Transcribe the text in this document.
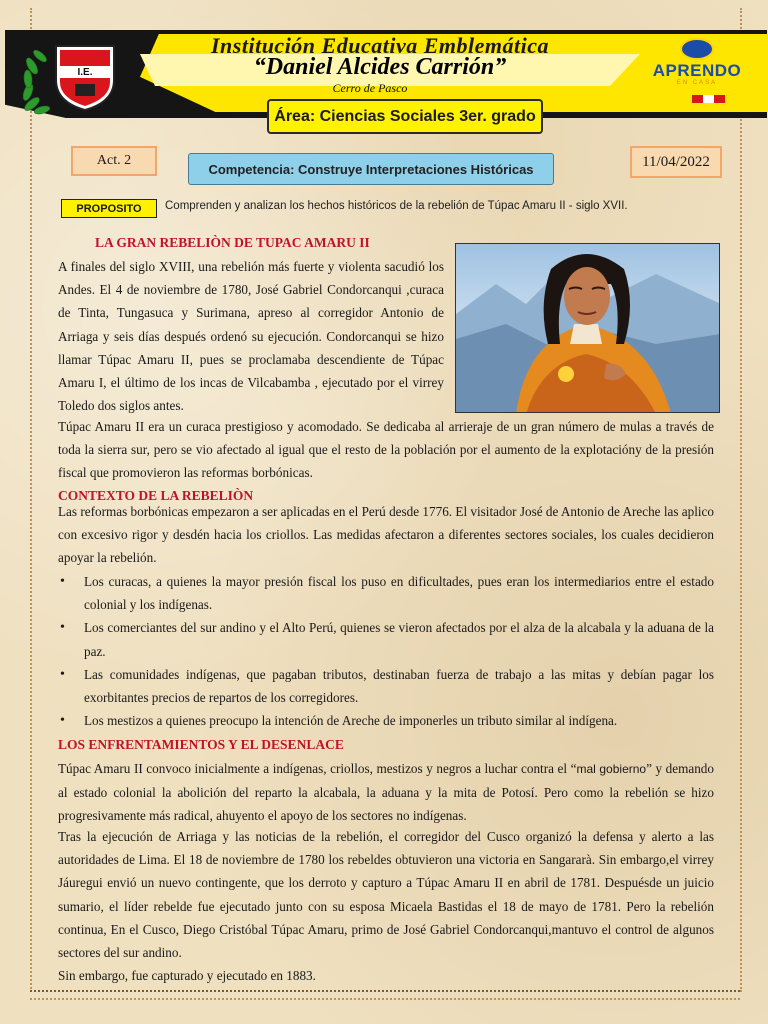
I.E.
Institución Educativa Emblemática
“Daniel Alcides Carrión”
Cerro de Pasco
APRENDO
EN CASA
Área: Ciencias Sociales 3er. grado
Act. 2	11/04/2022
Competencia: Construye Interpretaciones Históricas
PROPOSITO	Comprenden y analizan los hechos históricos de la rebelión de Túpac Amaru II - siglo XVII.
LA GRAN REBELIÒN DE TUPAC AMARU II
A finales del siglo XVIII, una rebelión más fuerte y violenta sacudió los Andes. El 4 de noviembre de 1780, José Gabriel Condorcanqui ,curaca de Tinta, Tungasuca y Surimana, apreso al corregidor Antonio de Arriaga y seis días después ordenó su ejecución. Condorcanqui se hizo llamar Túpac Amaru II, pues se proclamaba descendiente de Túpac Amaru I, el último de los incas de Vilcabamba , ejecutado por el virrey Toledo dos siglos antes.
Túpac Amaru II era un curaca prestigioso y acomodado. Se dedicaba al arrieraje de un gran número de mulas a través de toda la sierra sur, pero se vio afectado al igual que el resto de la población por el aumento de la explotacióny de la presión fiscal que promovieron las reformas borbónicas.
CONTEXTO DE LA REBELIÒN
Las reformas borbónicas empezaron a ser aplicadas en el Perú desde 1776. El visitador José de Antonio de Areche las aplico con excesivo rigor y desdén hacia los criollos. Las medidas afectaron a diferentes sectores sociales, los cuales decidieron apoyar la rebelión.
• Los curacas, a quienes la mayor presión fiscal los puso en dificultades, pues eran los intermediarios entre el estado colonial y los indígenas.
• Los comerciantes del sur andino y el Alto Perú, quienes se vieron afectados por el alza de la alcabala y la aduana de la paz.
• Las comunidades indígenas, que pagaban tributos, destinaban fuerza de trabajo a las mitas y debían pagar los exorbitantes precios de repartos de los corregidores.
• Los mestizos a quienes preocupo la intención de Areche de imponerles un tributo similar al indígena.
LOS ENFRENTAMIENTOS Y EL DESENLACE
Túpac Amaru II convoco inicialmente a indígenas, criollos, mestizos y negros a luchar contra el “mal gobierno” y demando al estado colonial la abolición del reparto la alcabala, la aduana y la mita de Potosí. Pero como la rebelión se hizo progresivamente más radical, ahuyento el apoyo de los sectores no indígenas.
Tras la ejecución de Arriaga y las noticias de la rebelión, el corregidor del Cusco organizó la defensa y alerto a las autoridades de Lima. El 18 de noviembre de 1780 los rebeldes obtuvieron una victoria en Sangararà. Sin embargo,el virrey Jáuregui envió un nuevo contingente, que los derroto y capturo a Túpac Amaru II en abril de 1781. Despuésde un juicio sumario, el líder rebelde fue ejecutado junto con su esposa Micaela Bastidas el 18 de mayo de 1781. Pero la rebelión continua, En el Cusco, Diego Cristóbal Túpac Amaru, primo de José Gabriel Condorcanqui,mantuvo el control de algunos sectores del sur andino.
Sin embargo, fue capturado y ejecutado en 1883.
